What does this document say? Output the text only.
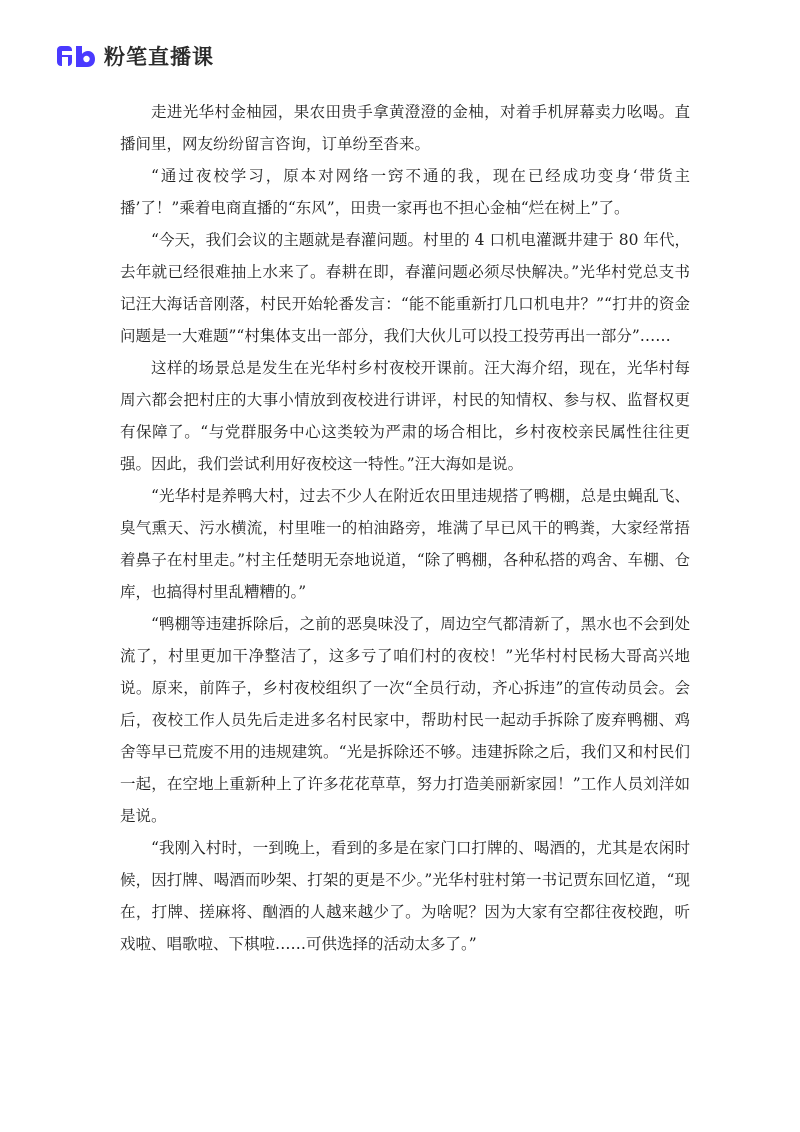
粉笔直播课

走进光华村金柚园，果农田贵手拿黄澄澄的金柚，对着手机屏幕卖力吆喝。直播间里，网友纷纷留言咨询，订单纷至沓来。

“通过夜校学习，原本对网络一窍不通的我，现在已经成功变身‘带货主播’了！”乘着电商直播的“东风”，田贵一家再也不担心金柚“烂在树上”了。

“今天，我们会议的主题就是春灌问题。村里的 4 口机电灌溉井建于 80 年代，去年就已经很难抽上水来了。春耕在即，春灌问题必须尽快解决。”光华村党总支书记汪大海话音刚落，村民开始轮番发言：“能不能重新打几口机电井？”“打井的资金问题是一大难题”“村集体支出一部分，我们大伙儿可以投工投劳再出一部分”……

这样的场景总是发生在光华村乡村夜校开课前。汪大海介绍，现在，光华村每周六都会把村庄的大事小情放到夜校进行讲评，村民的知情权、参与权、监督权更有保障了。“与党群服务中心这类较为严肃的场合相比，乡村夜校亲民属性往往更强。因此，我们尝试利用好夜校这一特性。”汪大海如是说。

“光华村是养鸭大村，过去不少人在附近农田里违规搭了鸭棚，总是虫蝇乱飞、臭气熏天、污水横流，村里唯一的柏油路旁，堆满了早已风干的鸭粪，大家经常捂着鼻子在村里走。”村主任楚明无奈地说道，“除了鸭棚，各种私搭的鸡舍、车棚、仓库，也搞得村里乱糟糟的。”

“鸭棚等违建拆除后，之前的恶臭味没了，周边空气都清新了，黑水也不会到处流了，村里更加干净整洁了，这多亏了咱们村的夜校！”光华村村民杨大哥高兴地说。原来，前阵子，乡村夜校组织了一次“全员行动，齐心拆违”的宣传动员会。会后，夜校工作人员先后走进多名村民家中，帮助村民一起动手拆除了废弃鸭棚、鸡舍等早已荒废不用的违规建筑。“光是拆除还不够。违建拆除之后，我们又和村民们一起，在空地上重新种上了许多花花草草，努力打造美丽新家园！”工作人员刘洋如是说。

“我刚入村时，一到晚上，看到的多是在家门口打牌的、喝酒的，尤其是农闲时候，因打牌、喝酒而吵架、打架的更是不少。”光华村驻村第一书记贾东回忆道，“现在，打牌、搓麻将、酗酒的人越来越少了。为啥呢？因为大家有空都往夜校跑，听戏啦、唱歌啦、下棋啦……可供选择的活动太多了。”
